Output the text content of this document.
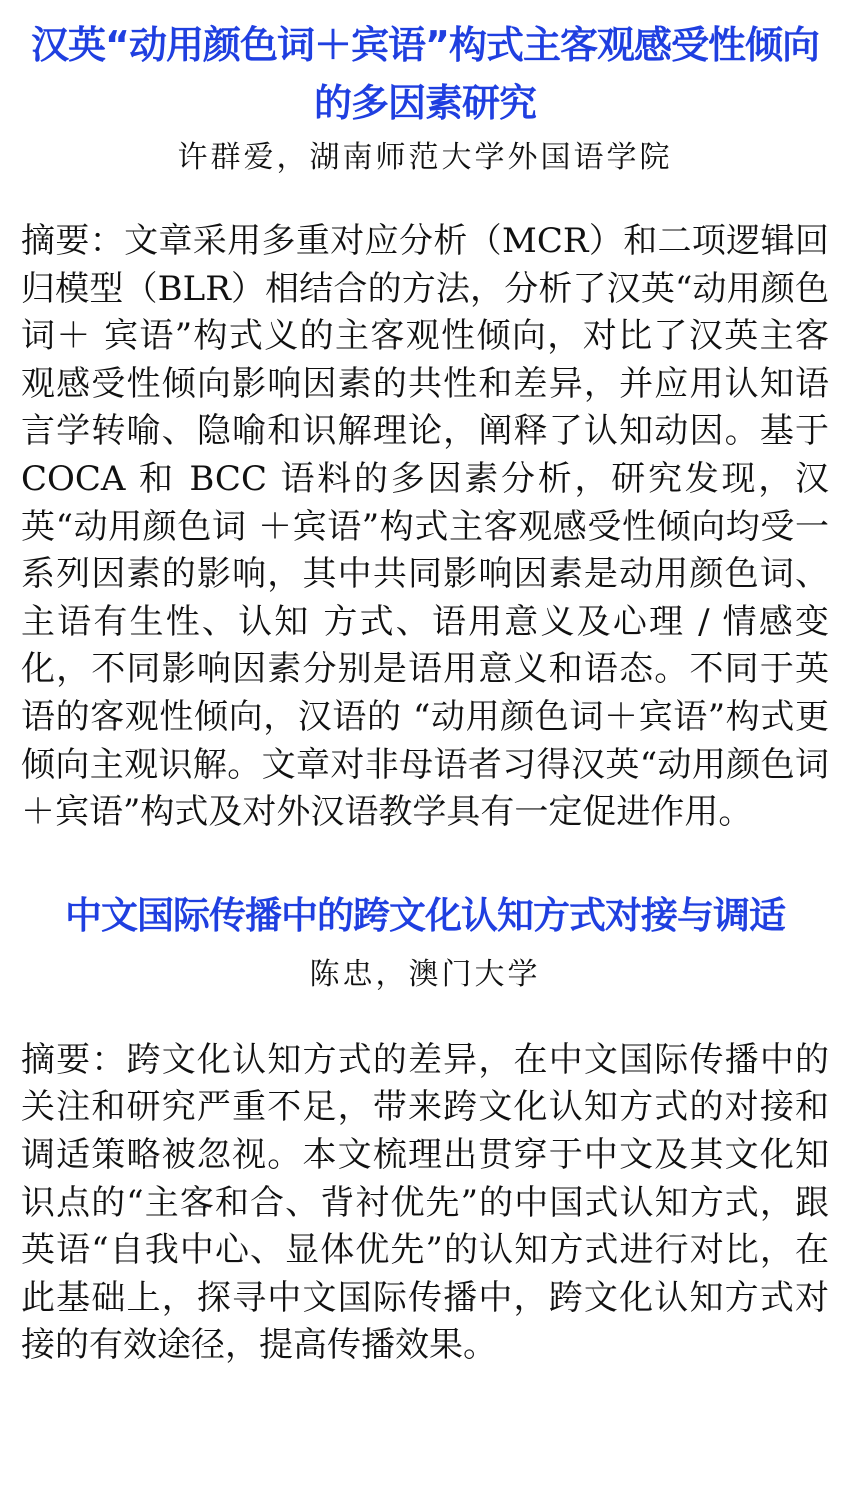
汉英“动用颜色词＋宾语”构式主客观感受性倾向的多因素研究

许群爱，湖南师范大学外国语学院

摘要：文章采用多重对应分析（MCR）和二项逻辑回归模型（BLR）相结合的方法，分析了汉英“动用颜色词＋ 宾语”构式义的主客观性倾向，对比了汉英主客观感受性倾向影响因素的共性和差异，并应用认知语言学转喻、隐喻和识解理论，阐释了认知动因。基于 COCA 和 BCC 语料的多因素分析，研究发现，汉英“动用颜色词 ＋宾语”构式主客观感受性倾向均受一系列因素的影响，其中共同影响因素是动用颜色词、主语有生性、认知 方式、语用意义及心理 / 情感变化，不同影响因素分别是语用意义和语态。不同于英语的客观性倾向，汉语的 “动用颜色词＋宾语”构式更倾向主观识解。文章对非母语者习得汉英“动用颜色词＋宾语”构式及对外汉语教学具有一定促进作用。

中文国际传播中的跨文化认知方式对接与调适

陈忠，澳门大学

摘要：跨文化认知方式的差异，在中文国际传播中的关注和研究严重不足，带来跨文化认知方式的对接和调适策略被忽视。本文梳理出贯穿于中文及其文化知识点的“主客和合、背衬优先”的中国式认知方式，跟英语“自我中心、显体优先”的认知方式进行对比，在此基础上，探寻中文国际传播中，跨文化认知方式对接的有效途径，提高传播效果。
